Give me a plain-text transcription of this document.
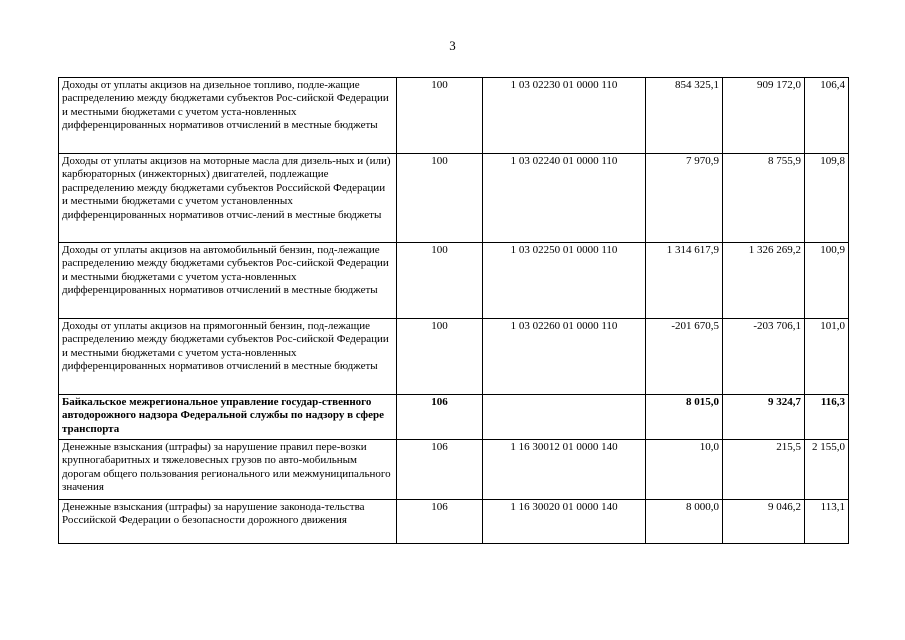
3
Доходы от уплаты акцизов на дизельное топливо, подле-жащие распределению между бюджетами субъектов Рос-сийской Федерации и местными бюджетами с учетом уста-новленных дифференцированных нормативов отчислений в местные бюджеты	100	1 03 02230 01 0000 110	854 325,1	909 172,0	106,4
Доходы от уплаты акцизов на моторные масла для дизель-ных и (или) карбюраторных (инжекторных) двигателей, подлежащие распределению между бюджетами субъектов Российской Федерации и местными бюджетами с учетом установленных дифференцированных нормативов отчис-лений в местные бюджеты	100	1 03 02240 01 0000 110	7 970,9	8 755,9	109,8
Доходы от уплаты акцизов на автомобильный бензин, под-лежащие распределению между бюджетами субъектов Рос-сийской Федерации и местными бюджетами с учетом уста-новленных дифференцированных нормативов отчислений в местные бюджеты	100	1 03 02250 01 0000 110	1 314 617,9	1 326 269,2	100,9
Доходы от уплаты акцизов на прямогонный бензин, под-лежащие распределению между бюджетами субъектов Рос-сийской Федерации и местными бюджетами с учетом уста-новленных дифференцированных нормативов отчислений в местные бюджеты	100	1 03 02260 01 0000 110	-201 670,5	-203 706,1	101,0
Байкальское межрегиональное управление государ-ственного автодорожного надзора Федеральной службы по надзору в сфере транспорта	106		8 015,0	9 324,7	116,3
Денежные взыскания (штрафы) за нарушение правил пере-возки крупногабаритных и тяжеловесных грузов по авто-мобильным дорогам общего пользования регионального или межмуниципального значения	106	1 16 30012 01 0000 140	10,0	215,5	2 155,0
Денежные взыскания (штрафы) за нарушение законода-тельства Российской Федерации о безопасности дорожного движения	106	1 16 30020 01 0000 140	8 000,0	9 046,2	113,1
